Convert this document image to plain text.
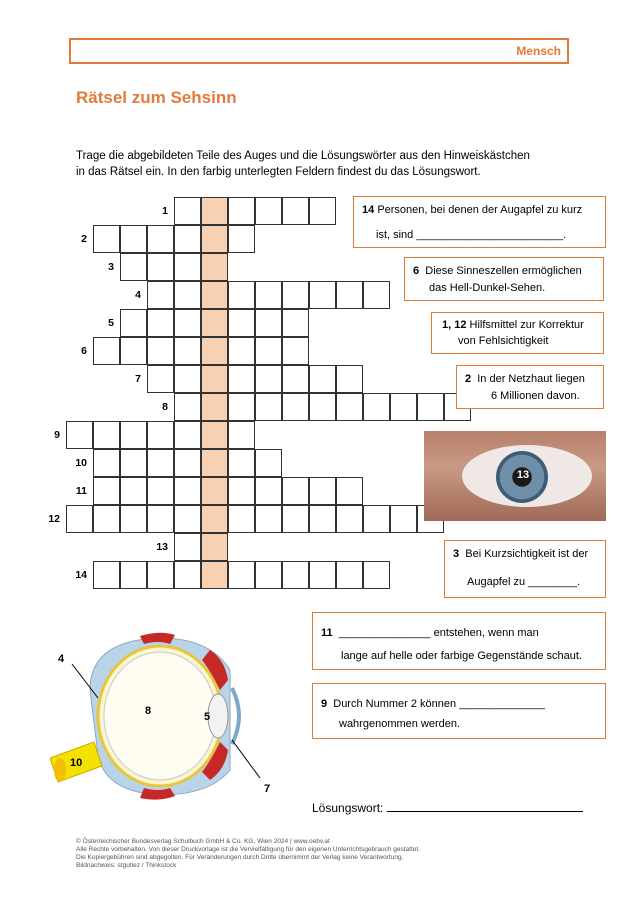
Mensch
Rätsel zum Sehsinn

Trage die abgebildeten Teile des Auges und die Lösungswörter aus den Hinweiskästchen
in das Rätsel ein. In den farbig unterlegten Feldern findest du das Lösungswort.

1
2
3
4
5
6
7
8
9
10
11
12
13
14
14 Personen, bei denen der Augapfel zu kurz
ist, sind ________________________.
6 Diese Sinneszellen ermöglichen
das Hell-Dunkel-Sehen.
1, 12 Hilfsmittel zur Korrektur
von Fehlsichtigkeit
2 In der Netzhaut liegen
6 Millionen davon.
13
3 Bei Kurzsichtigkeit ist der
Augapfel zu ________.
11 _______________ entstehen, wenn man
lange auf helle oder farbige Gegenstände schaut.
9 Durch Nummer 2 können ______________
wahrgenommen werden.
4
8	5
10
7
Lösungswort:
© Österreichischer Bundesverlag Schulbuch GmbH & Co. KG, Wien 2024 | www.oebv.at
Alle Rechte vorbehalten. Von dieser Druckvorlage ist die Vervielfältigung für den eigenen Unterrichtsgebrauch gestattet.
Die Kopiergebühren sind abgegolten. Für Veränderungen durch Dritte übernimmt der Verlag keine Verantwortung.
Bildnachweis: stgutiez / Thinkstock
